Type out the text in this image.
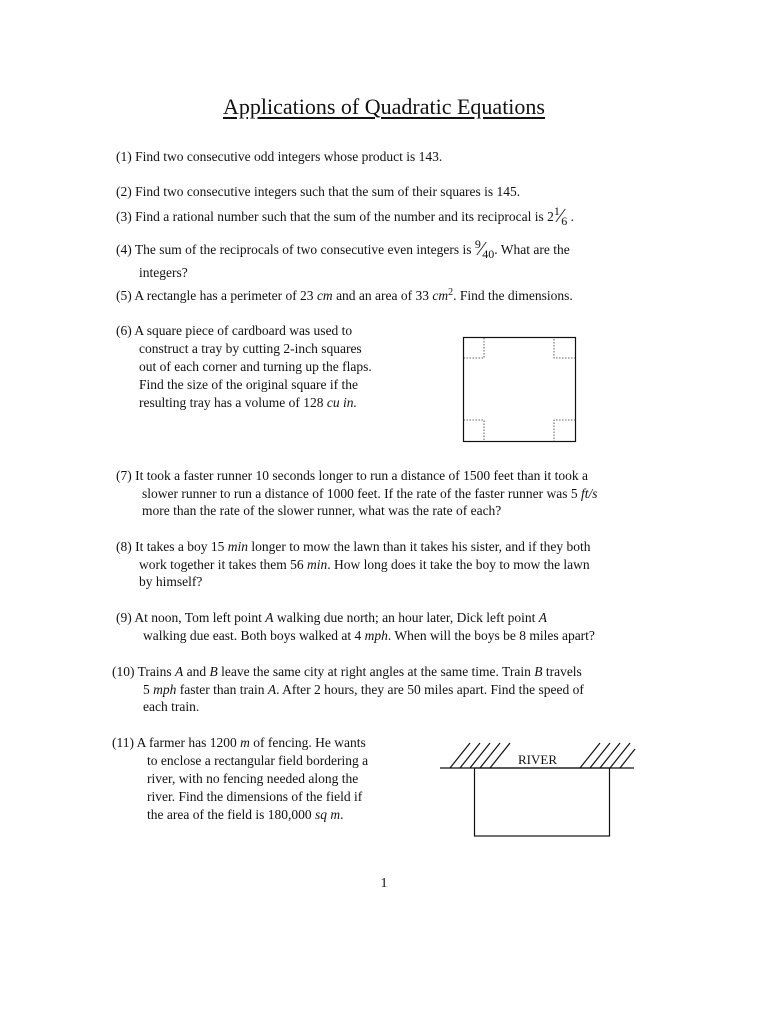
Applications of Quadratic Equations
(1) Find two consecutive odd integers whose product is 143.
(2) Find two consecutive integers such that the sum of their squares is 145.
(3) Find a rational number such that the sum of the number and its reciprocal is 21⁄6 .
(4) The sum of the reciprocals of two consecutive even integers is 9⁄40. What are the
integers?
(5) A rectangle has a perimeter of 23 cm and an area of 33 $cm^2$. Find the dimensions.
(6) A square piece of cardboard was used to
construct a tray by cutting 2-inch squares
out of each corner and turning up the flaps.
Find the size of the original square if the
resulting tray has a volume of 128 cu in.
(7) It took a faster runner 10 seconds longer to run a distance of 1500 feet than it took a
slower runner to run a distance of 1000 feet. If the rate of the faster runner was 5 ft/s
more than the rate of the slower runner, what was the rate of each?
(8) It takes a boy 15 min longer to mow the lawn than it takes his sister, and if they both
work together it takes them 56 min. How long does it take the boy to mow the lawn
by himself?
(9) At noon, Tom left point A walking due north; an hour later, Dick left point A
walking due east. Both boys walked at 4 mph. When will the boys be 8 miles apart?
(10) Trains A and B leave the same city at right angles at the same time. Train B travels
5 mph faster than train A. After 2 hours, they are 50 miles apart. Find the speed of
each train.
(11) A farmer has 1200 m of fencing. He wants
to enclose a rectangular field bordering a
river, with no fencing needed along the
river. Find the dimensions of the field if
the area of the field is 180,000 sq m.
RIVER
1
